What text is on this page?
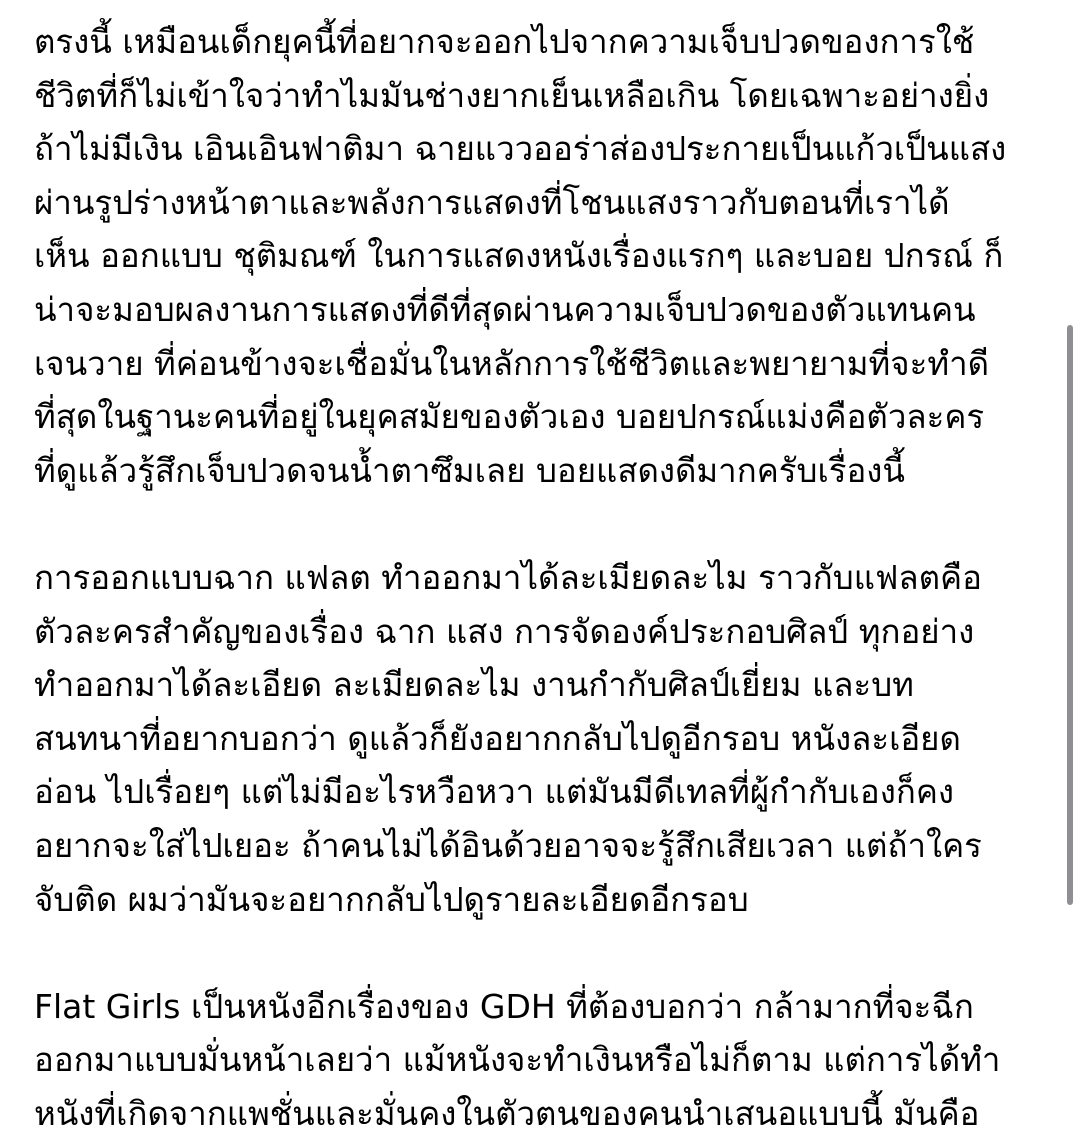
ตรงนี้ เหมือนเด็กยุคนี้ที่อยากจะออกไปจากความเจ็บปวดของการใช้
ชีวิตที่ก็ไม่เข้าใจว่าทำไมมันช่างยากเย็นเหลือเกิน โดยเฉพาะอย่างยิ่ง
ถ้าไม่มีเงิน เอินเอินฟาติมา ฉายแววออร่าส่องประกายเป็นแก้วเป็นแสง
ผ่านรูปร่างหน้าตาและพลังการแสดงที่โชนแสงราวกับตอนที่เราได้
เห็น ออกแบบ ชุติมณฑ์ ในการแสดงหนังเรื่องแรกๆ และบอย ปกรณ์ ก็
น่าจะมอบผลงานการแสดงที่ดีที่สุดผ่านความเจ็บปวดของตัวแทนคน
เจนวาย ที่ค่อนข้างจะเชื่อมั่นในหลักการใช้ชีวิตและพยายามที่จะทำดี
ที่สุดในฐานะคนที่อยู่ในยุคสมัยของตัวเอง บอยปกรณ์แม่งคือตัวละคร
ที่ดูแล้วรู้สึกเจ็บปวดจนน้ำตาซึมเลย บอยแสดงดีมากครับเรื่องนี้
การออกแบบฉาก แฟลต ทำออกมาได้ละเมียดละไม ราวกับแฟลตคือ
ตัวละครสำคัญของเรื่อง ฉาก แสง การจัดองค์ประกอบศิลป์ ทุกอย่าง
ทำออกมาได้ละเอียด ละเมียดละไม งานกำกับศิลป์เยี่ยม และบท
สนทนาที่อยากบอกว่า ดูแล้วก็ยังอยากกลับไปดูอีกรอบ หนังละเอียด
อ่อน ไปเรื่อยๆ แต่ไม่มีอะไรหวือหวา แต่มันมีดีเทลที่ผู้กำกับเองก็คง
อยากจะใส่ไปเยอะ ถ้าคนไม่ได้อินด้วยอาจจะรู้สึกเสียเวลา แต่ถ้าใคร
จับติด ผมว่ามันจะอยากกลับไปดูรายละเอียดอีกรอบ
Flat Girls เป็นหนังอีกเรื่องของ GDH ที่ต้องบอกว่า กล้ามากที่จะฉีก
ออกมาแบบมั่นหน้าเลยว่า แม้หนังจะทำเงินหรือไม่ก็ตาม แต่การได้ทำ
หนังที่เกิดจากแพชั่นและมั่นคงในตัวตนของคนนำเสนอแบบนี้ มันคือ
